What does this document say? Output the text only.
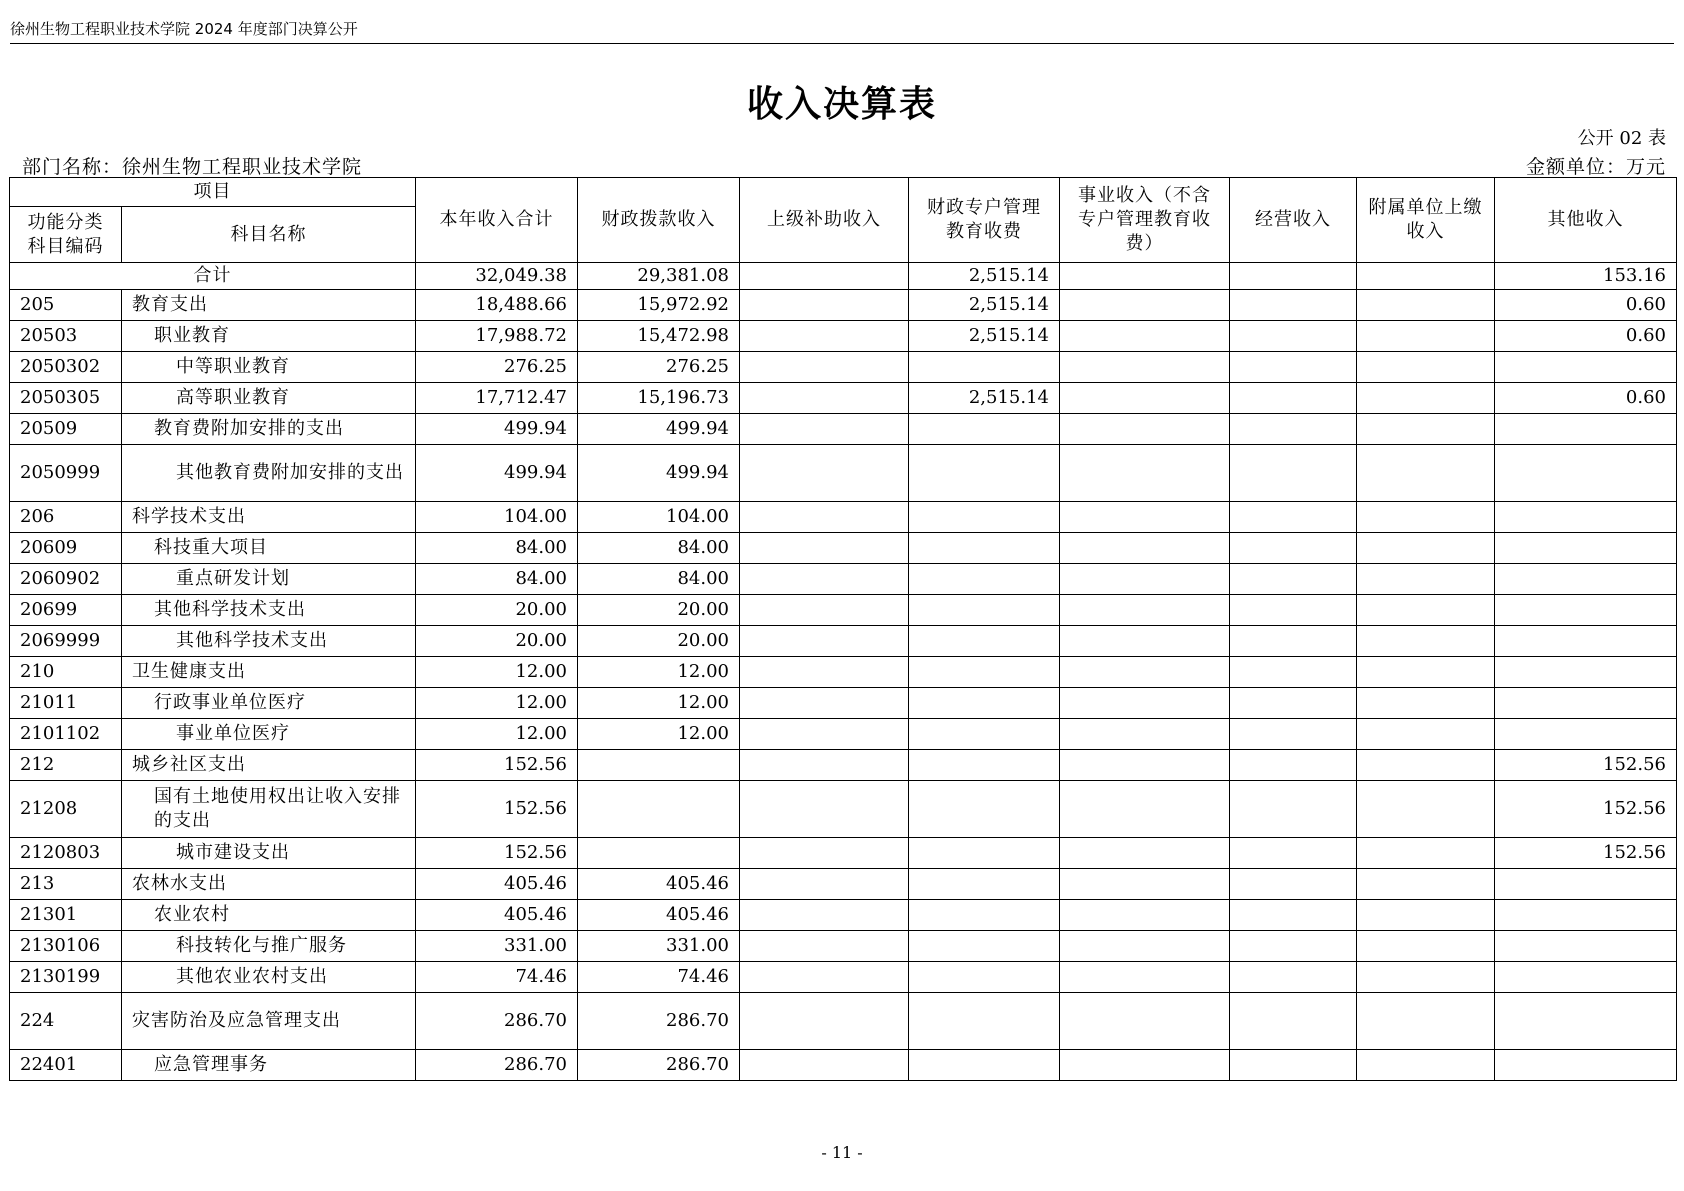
徐州生物工程职业技术学院 2024 年度部门决算公开
收入决算表
公开 02 表
部门名称：徐州生物工程职业技术学院	金额单位：万元
项目		本年收入合计	财政拨款收入	上级补助收入	财政专户管理教育收费	事业收入（不含专户管理教育收费）	经营收入	附属单位上缴收入	其他收入
功能分类科目编码	科目名称								
合计		32,049.38	29,381.08		2,515.14				153.16
205	教育支出	18,488.66	15,972.92		2,515.14				0.60
20503	职业教育	17,988.72	15,472.98		2,515.14				0.60
2050302	中等职业教育	276.25	276.25						
2050305	高等职业教育	17,712.47	15,196.73		2,515.14				0.60
20509	教育费附加安排的支出	499.94	499.94						
2050999	其他教育费附加安排的支出	499.94	499.94						
206	科学技术支出	104.00	104.00						
20609	科技重大项目	84.00	84.00						
2060902	重点研发计划	84.00	84.00						
20699	其他科学技术支出	20.00	20.00						
2069999	其他科学技术支出	20.00	20.00						
210	卫生健康支出	12.00	12.00						
21011	行政事业单位医疗	12.00	12.00						
2101102	事业单位医疗	12.00	12.00						
212	城乡社区支出	152.56							152.56
21208	国有土地使用权出让收入安排的支出	152.56							152.56
2120803	城市建设支出	152.56							152.56
213	农林水支出	405.46	405.46						
21301	农业农村	405.46	405.46						
2130106	科技转化与推广服务	331.00	331.00						
2130199	其他农业农村支出	74.46	74.46						
224	灾害防治及应急管理支出	286.70	286.70						
22401	应急管理事务	286.70	286.70						
- 11 -
